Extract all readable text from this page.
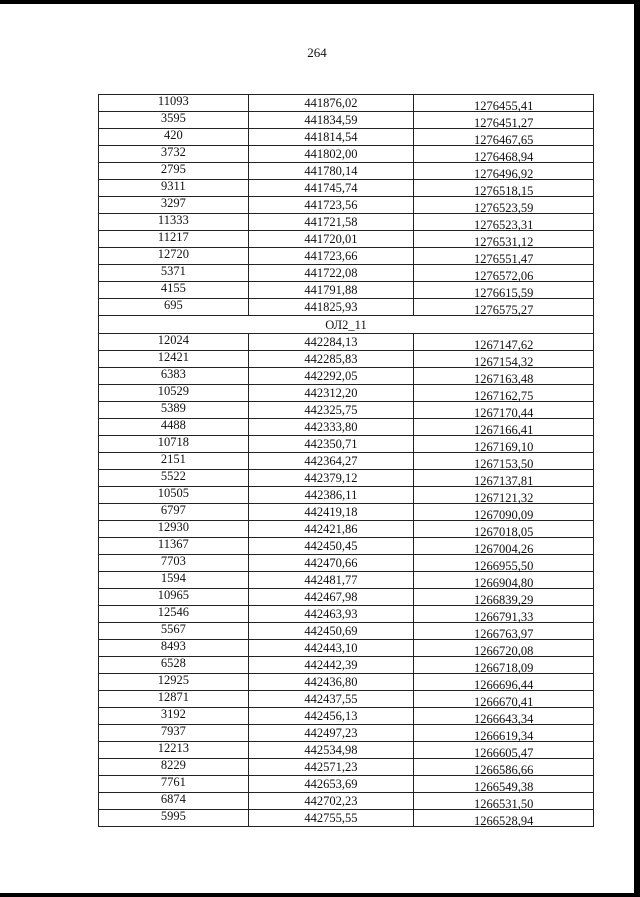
264
11093	441876,02	1276455,41
3595	441834,59	1276451,27
420	441814,54	1276467,65
3732	441802,00	1276468,94
2795	441780,14	1276496,92
9311	441745,74	1276518,15
3297	441723,56	1276523,59
11333	441721,58	1276523,31
11217	441720,01	1276531,12
12720	441723,66	1276551,47
5371	441722,08	1276572,06
4155	441791,88	1276615,59
695	441825,93	1276575,27
ОЛ2_11		
12024	442284,13	1267147,62
12421	442285,83	1267154,32
6383	442292,05	1267163,48
10529	442312,20	1267162,75
5389	442325,75	1267170,44
4488	442333,80	1267166,41
10718	442350,71	1267169,10
2151	442364,27	1267153,50
5522	442379,12	1267137,81
10505	442386,11	1267121,32
6797	442419,18	1267090,09
12930	442421,86	1267018,05
11367	442450,45	1267004,26
7703	442470,66	1266955,50
1594	442481,77	1266904,80
10965	442467,98	1266839,29
12546	442463,93	1266791,33
5567	442450,69	1266763,97
8493	442443,10	1266720,08
6528	442442,39	1266718,09
12925	442436,80	1266696,44
12871	442437,55	1266670,41
3192	442456,13	1266643,34
7937	442497,23	1266619,34
12213	442534,98	1266605,47
8229	442571,23	1266586,66
7761	442653,69	1266549,38
6874	442702,23	1266531,50
5995	442755,55	1266528,94
